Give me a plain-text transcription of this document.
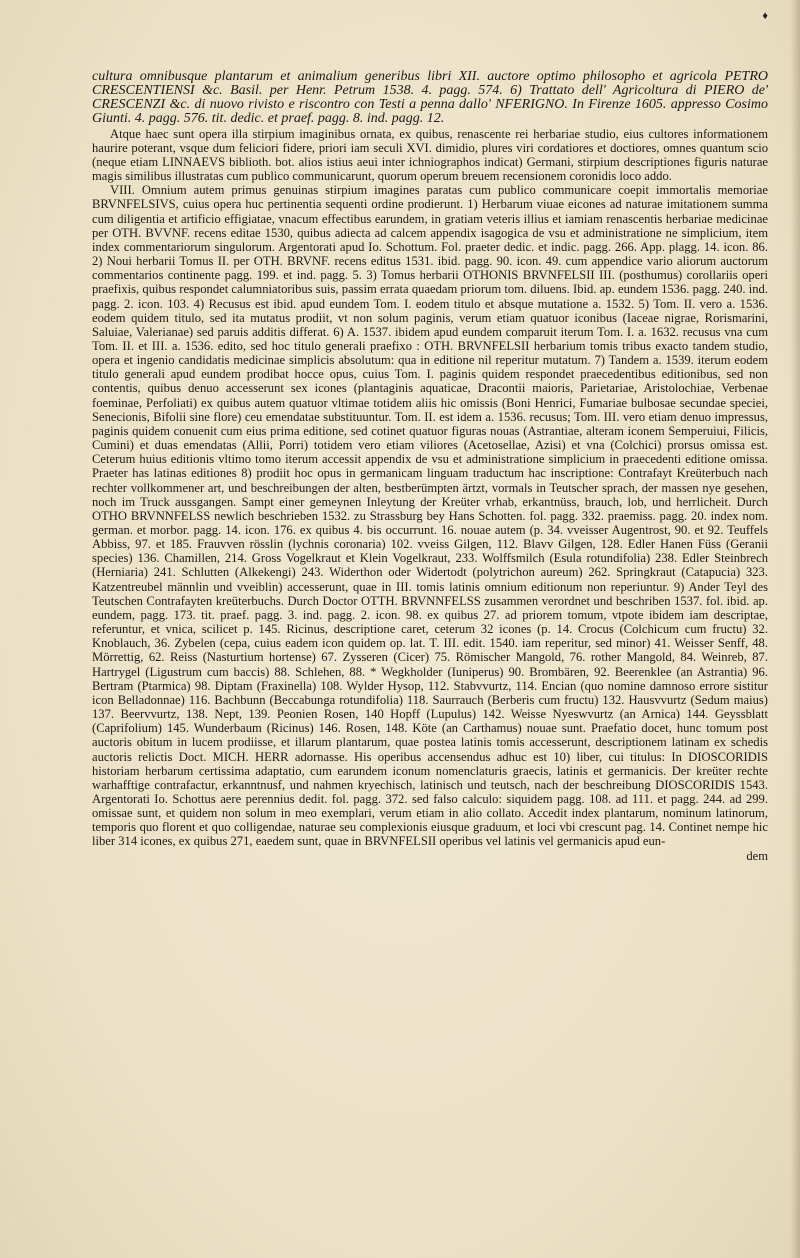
♦

cultura omnibusque plantarum et animalium generibus libri XII. auctore optimo philosopho et agricola PETRO CRESCENTIENSI &c. Basil. per Henr. Petrum 1538. 4. pagg. 574. 6) Trattato dell' Agricoltura di PIERO de' CRESCENZI &c. di nuovo rivisto e riscontro con Testi a penna dallo' NFERIGNO. In Firenze 1605. appresso Cosimo Giunti. 4. pagg. 576. tit. dedic. et praef. pagg. 8. ind. pagg. 12.

Atque haec sunt opera illa stirpium imaginibus ornata, ex quibus, renascente rei herbariae studio, eius cultores informationem haurire poterant, vsque dum feliciori fidere, priori iam seculi XVI. dimidio, plures viri cordatiores et doctiores, omnes quantum scio (neque etiam LINNAEVS biblioth. bot. alios istius aeui inter ichniographos indicat) Germani, stirpium descriptiones figuris naturae magis similibus illustratas cum publico communicarunt, quorum operum breuem recensionem coronidis loco addo.

VIII. Omnium autem primus genuinas stirpium imagines paratas cum publico communicare coepit immortalis memoriae BRVNFELSIVS, cuius opera huc pertinentia sequenti ordine prodierunt. 1) Herbarum viuae eicones ad naturae imitationem summa cum diligentia et artificio effigiatae, vnacum effectibus earundem, in gratiam veteris illius et iamiam renascentis herbariae medicinae per OTH. BVVNF. recens editae 1530, quibus adiecta ad calcem appendix isagogica de vsu et administratione ne simplicium, item index commentariorum singulorum. Argentorati apud Io. Schottum. Fol. praeter dedic. et indic. pagg. 266. App. plagg. 14. icon. 86. 2) Noui herbarii Tomus II. per OTH. BRVNF. recens editus 1531. ibid. pagg. 90. icon. 49. cum appendice vario aliorum auctorum commentarios continente pagg. 199. et ind. pagg. 5. 3) Tomus herbarii OTHONIS BRVNFELSII III. (posthumus) corollariis operi praefixis, quibus respondet calumniatoribus suis, passim errata quaedam priorum tom. diluens. Ibid. ap. eundem 1536. pagg. 240. ind. pagg. 2. icon. 103. 4) Recusus est ibid. apud eundem Tom. I. eodem titulo et absque mutatione a. 1532. 5) Tom. II. vero a. 1536. eodem quidem titulo, sed ita mutatus prodiit, vt non solum paginis, verum etiam quatuor iconibus (Iaceae nigrae, Rorismarini, Saluiae, Valerianae) sed paruis additis differat. 6) A. 1537. ibidem apud eundem comparuit iterum Tom. I. a. 1632. recusus vna cum Tom. II. et III. a. 1536. edito, sed hoc titulo generali praefixo : OTH. BRVNFELSII herbarium tomis tribus exacto tandem studio, opera et ingenio candidatis medicinae simplicis absolutum: qua in editione nil reperitur mutatum. 7) Tandem a. 1539. iterum eodem titulo generali apud eundem prodibat hocce opus, cuius Tom. I. paginis quidem respondet praecedentibus editionibus, sed non contentis, quibus denuo accesserunt sex icones (plantaginis aquaticae, Dracontii maioris, Parietariae, Aristolochiae, Verbenae foeminae, Perfoliati) ex quibus autem quatuor vltimae totidem aliis hic omissis (Boni Henrici, Fumariae bulbosae secundae speciei, Senecionis, Bifolii sine flore) ceu emendatae substituuntur. Tom. II. est idem a. 1536. recusus; Tom. III. vero etiam denuo impressus, paginis quidem conuenit cum eius prima editione, sed cotinet quatuor figuras nouas (Astrantiae, alteram iconem Semperuiui, Filicis, Cumini) et duas emendatas (Allii, Porri) totidem vero etiam viliores (Acetosellae, Azisi) et vna (Colchici) prorsus omissa est. Ceterum huius editionis vltimo tomo iterum accessit appendix de vsu et administratione simplicium in praecedenti editione omissa. Praeter has latinas editiones 8) prodiit hoc opus in germanicam linguam traductum hac inscriptione: Contrafayt Kreüterbuch nach rechter vollkommener art, und beschreibungen der alten, bestberümpten ärtzt, vormals in Teutscher sprach, der massen nye gesehen, noch im Truck aussgangen. Sampt einer gemeynen Inleytung der Kreüter vrhab, erkantnüss, brauch, lob, und herrlicheit. Durch OTHO BRVNNFELSS newlich beschrieben 1532. zu Strassburg bey Hans Schotten. fol. pagg. 332. praemiss. pagg. 20. index nom. german. et morbor. pagg. 14. icon. 176. ex quibus 4. bis occurrunt. 16. nouae autem (p. 34. vveisser Augentrost, 90. et 92. Teuffels Abbiss, 97. et 185. Frauvven rösslin (lychnis coronaria) 102. vveiss Gilgen, 112. Blavv Gilgen, 128. Edler Hanen Füss (Geranii species) 136. Chamillen, 214. Gross Vogelkraut et Klein Vogelkraut, 233. Wolffsmilch (Esula rotundifolia) 238. Edler Steinbrech (Herniaria) 241. Schlutten (Alkekengi) 243. Widerthon oder Widertodt (polytrichon aureum) 262. Springkraut (Catapucia) 323. Katzentreubel männlin und vveiblin) accesserunt, quae in III. tomis latinis omnium editionum non reperiuntur. 9) Ander Teyl des Teutschen Contrafayten kreüterbuchs. Durch Doctor OTTH. BRVNNFELSS zusammen verordnet und beschriben 1537. fol. ibid. ap. eundem, pagg. 173. tit. praef. pagg. 3. ind. pagg. 2. icon. 98. ex quibus 27. ad priorem tomum, vtpote ibidem iam descriptae, referuntur, et vnica, scilicet p. 145. Ricinus, descriptione caret, ceterum 32 icones (p. 14. Crocus (Colchicum cum fructu) 32. Knoblauch, 36. Zybelen (cepa, cuius eadem icon quidem op. lat. T. III. edit. 1540. iam reperitur, sed minor) 41. Weisser Senff, 48. Mörrettig, 62. Reiss (Nasturtium hortense) 67. Zysseren (Cicer) 75. Römischer Mangold, 76. rother Mangold, 84. Weinreb, 87. Hartrygel (Ligustrum cum baccis) 88. Schlehen, 88. * Wegkholder (Iuniperus) 90. Brombären, 92. Beerenklee (an Astrantia) 96. Bertram (Ptarmica) 98. Diptam (Fraxinella) 108. Wylder Hysop, 112. Stabvvurtz, 114. Encian (quo nomine damnoso errore sistitur icon Belladonnae) 116. Bachbunn (Beccabunga rotundifolia) 118. Saurrauch (Berberis cum fructu) 132. Hausvvurtz (Sedum maius) 137. Beervvurtz, 138. Nept, 139. Peonien Rosen, 140 Hopff (Lupulus) 142. Weisse Nyeswvurtz (an Arnica) 144. Geyssblatt (Caprifolium) 145. Wunderbaum (Ricinus) 146. Rosen, 148. Köte (an Carthamus) nouae sunt. Praefatio docet, hunc tomum post auctoris obitum in lucem prodiisse, et illarum plantarum, quae posteа latinis tomis accesserunt, descriptionem latinam ex schedis auctoris relictis Doct. MICH. HERR adornasse. His operibus accensendus adhuc est 10) liber, cui titulus: In DIOSCORIDIS historiam herbarum certissima adaptatio, cum earundem iconum nomenclaturis graecis, latinis et germanicis. Der kreüter rechte warhafftige contrafactur, erkanntnusf, und nahmen kryechisch, latinisch und teutsch, nach der beschreibung DIOSCORIDIS 1543. Argentorati Io. Schottus aere perennius dedit. fol. pagg. 372. sed falso calculo: siquidem pagg. 108. ad 111. et pagg. 244. ad 299. omissae sunt, et quidem non solum in meo exemplari, verum etiam in alio collato. Accedit index plantarum, nominum latinorum, temporis quo florent et quo colligendae, naturae seu complexionis eiusque graduum, et loci vbi crescunt pag. 14. Continet nempe hic liber 314 icones, ex quibus 271, eaedem sunt, quae in BRVNFELSII operibus vel latinis vel germanicis apud eun-

dem
